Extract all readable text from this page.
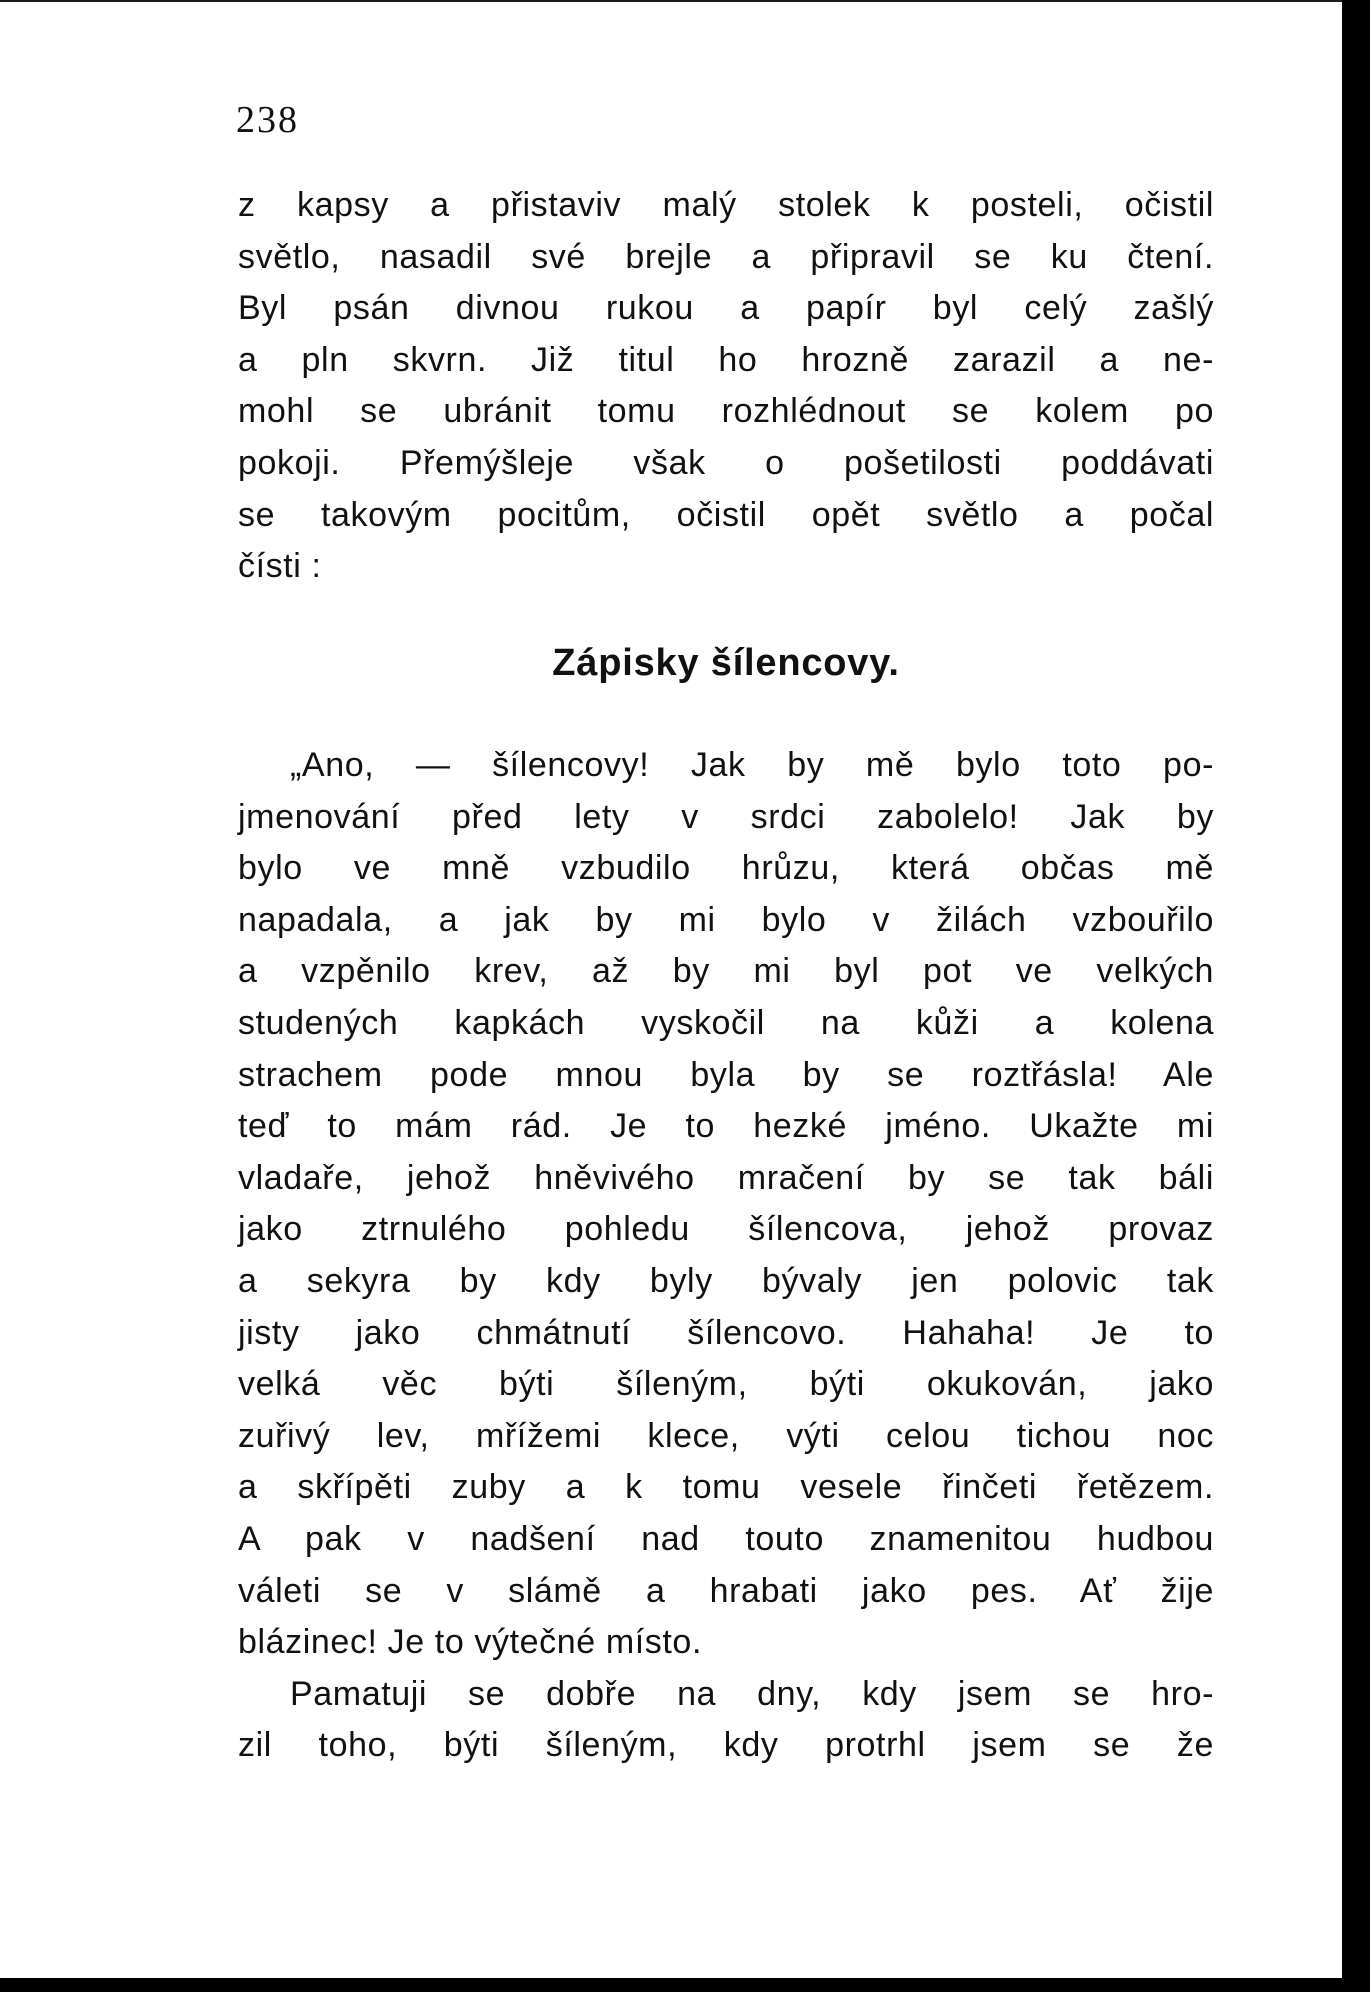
238
z kapsy a přistaviv malý stolek k posteli, očistil
světlo, nasadil své brejle a připravil se ku čtení.
Byl psán divnou rukou a papír byl celý zašlý
a pln skvrn. Již titul ho hrozně zarazil a ne-
mohl se ubránit tomu rozhlédnout se kolem po
pokoji. Přemýšleje však o pošetilosti poddávati
se takovým pocitům, očistil opět světlo a počal
čísti :
Zápisky šílencovy.
„Ano, — šílencovy! Jak by mě bylo toto po-
jmenování před lety v srdci zabolelo! Jak by
bylo ve mně vzbudilo hrůzu, která občas mě
napadala, a jak by mi bylo v žilách vzbouřilo
a vzpěnilo krev, až by mi byl pot ve velkých
studených kapkách vyskočil na kůži a kolena
strachem pode mnou byla by se roztřásla! Ale
teď to mám rád. Je to hezké jméno. Ukažte mi
vladaře, jehož hněvivého mračení by se tak báli
jako ztrnulého pohledu šílencova, jehož provaz
a sekyra by kdy byly bývaly jen polovic tak
jisty jako chmátnutí šílencovo. Hahaha! Je to
velká věc býti šíleným, býti okukován, jako
zuřivý lev, mřížemi klece, výti celou tichou noc
a skřípěti zuby a k tomu vesele řinčeti řetězem.
A pak v nadšení nad touto znamenitou hudbou
váleti se v slámě a hrabati jako pes. Ať žije
blázinec! Je to výtečné místo.
Pamatuji se dobře na dny, kdy jsem se hro-
zil toho, býti šíleným, kdy protrhl jsem se že
